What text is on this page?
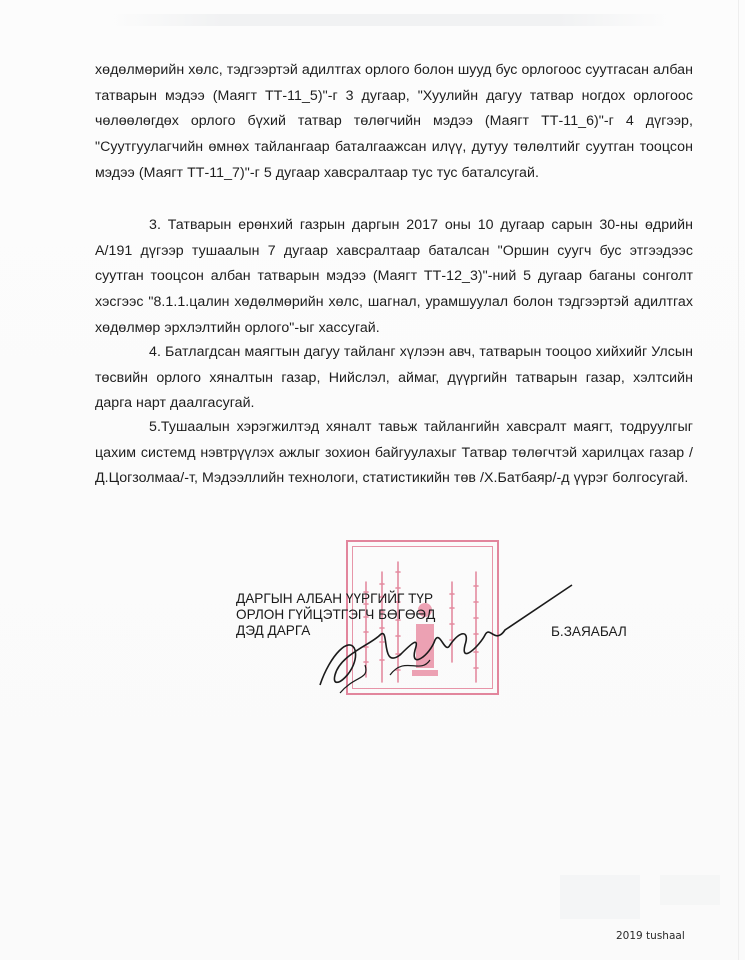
хөдөлмөрийн хөлс, тэдгээртэй адилтгах орлого болон шууд бус орлогоос суутгасан албан татварын мэдээ (Маягт ТТ-11_5)"-г 3 дугаар, "Хуулийн дагуу татвар ногдох орлогоос чөлөөлөгдөх орлого бүхий татвар төлөгчийн мэдээ (Маягт ТТ-11_6)"-г 4 дүгээр, "Суутгуулагчийн өмнөх тайлангаар баталгаажсан илүү, дутуу төлөлтийг суутган тооцсон мэдээ (Маягт ТТ-11_7)"-г 5 дугаар хавсралтаар тус тус батaлсугай.
3. Татварын ерөнхий газрын даргын 2017 оны 10 дугаар сарын 30-ны өдрийн А/191 дүгээр тушаалын 7 дугаар хавсралтаар баталсан "Оршин суугч бус этгээдээс суутган тооцсон албан татварын мэдээ (Маягт ТТ-12_3)"-ний 5 дугаар баганы сонголт хэсгээс "8.1.1.цалин хөдөлмөрийн хөлс, шагнал, урамшуулал болон тэдгээртэй адилтгах хөдөлмөр эрхлэлтийн орлого"-ыг хассугай.
4. Батлагдсан маягтын дагуу тайланг хүлээн авч, татварын тооцоо хийхийг Улсын төсвийн орлого хяналтын газар, Нийслэл, аймаг, дүүргийн татварын газар, хэлтсийн дарга нарт даалгасугай.
5.Тушаалын хэрэгжилтэд хяналт тавьж тайлангийн хавсралт маягт, тодруулгыг цахим системд нэвтрүүлэх ажлыг зохион байгуулахыг Татвар төлөгчтэй харилцах газар /Д.Цогзолмаа/-т, Мэдээллийн технологи, статистикийн төв /Х.Батбаяр/-д үүрэг болгосугай.
ДАРГЫН АЛБАН ҮҮРГИЙГ ТҮР
ОРЛОН ГҮЙЦЭТГЭГЧ БӨГӨӨД
ДЭД ДАРГА	Б.ЗАЯАБАЛ
2019 tushaal
